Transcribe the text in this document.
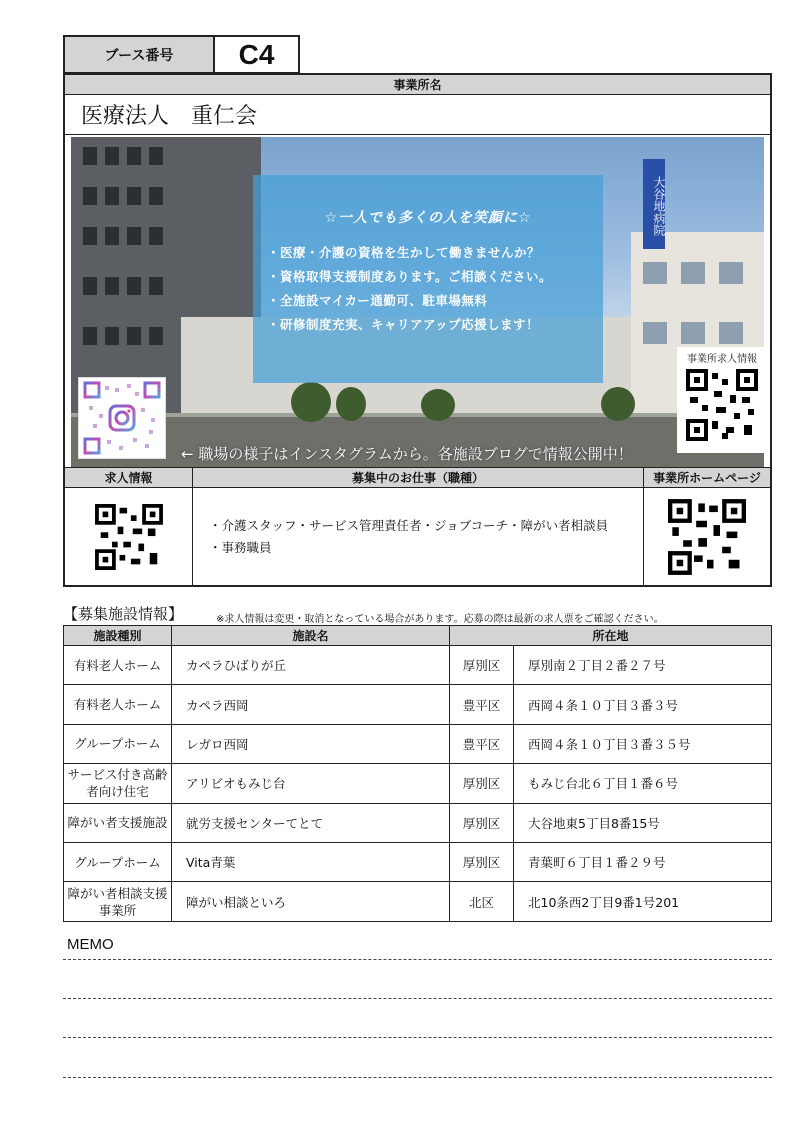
ブース番号	C4
事業所名
医療法人　重仁会
大谷地病院
☆一人でも多くの人を笑顔に☆
・医療・介護の資格を生かして働きませんか？
・資格取得支援制度あります。ご相談ください。
・全施設マイカー通勤可、駐車場無料
・研修制度充実、キャリアアップ応援します！
事業所求人情報
← 職場の様子はインスタグラムから。各施設ブログで情報公開中！
求人情報	募集中のお仕事（職種）	事業所ホームページ
・介護スタッフ・サービス管理責任者・ジョブコーチ・障がい者相談員
・事務職員
【募集施設情報】	※求人情報は変更・取消となっている場合があります。応募の際は最新の求人票をご確認ください。
施設種別	施設名	所在地	
有料老人ホーム	カペラひばりが丘	厚別区	厚別南２丁目２番２７号
有料老人ホーム	カペラ西岡	豊平区	西岡４条１０丁目３番３号
グループホーム	レガロ西岡	豊平区	西岡４条１０丁目３番３５号
サービス付き高齢者向け住宅	アリビオもみじ台	厚別区	もみじ台北６丁目１番６号
障がい者支援施設	就労支援センターてとて	厚別区	大谷地東5丁目8番15号
グループホーム	Vita青葉	厚別区	青葉町６丁目１番２９号
障がい者相談支援事業所	障がい相談といろ	北区	北10条西2丁目9番1号201
MEMO
